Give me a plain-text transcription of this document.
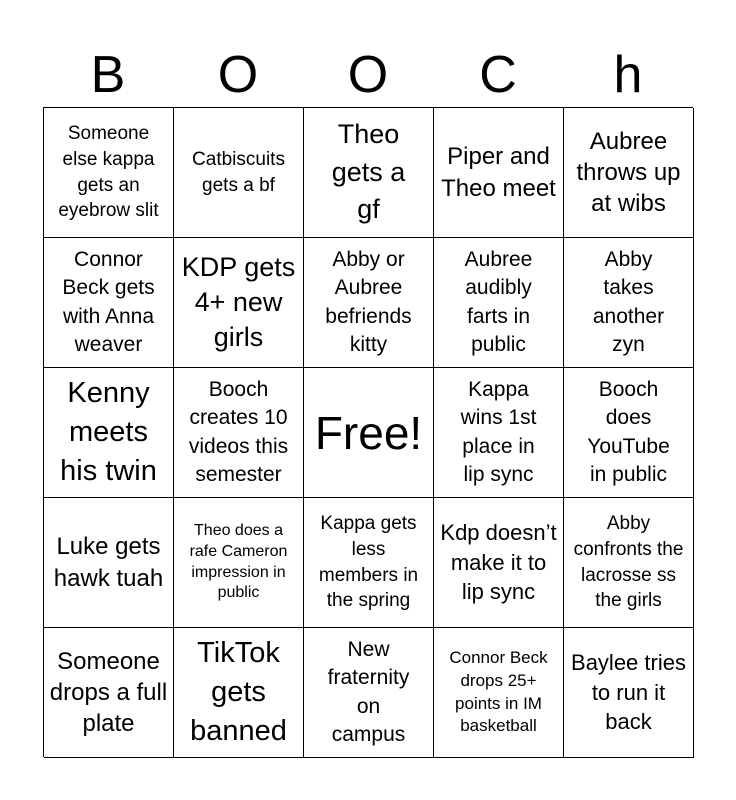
B	O	O	C	h
Someone else kappa gets an eyebrow slit
Catbiscuits gets a bf
Theo gets a gf
Piper and Theo meet
Aubree throws up at wibs
Connor Beck gets with Anna weaver
KDP gets 4+ new girls
Abby or Aubree befriends kitty
Aubree audibly farts in public
Abby takes another zyn
Kenny meets his twin
Booch creates 10 videos this semester
Free!
Kappa wins 1st place in lip sync
Booch does YouTube in public
Luke gets hawk tuah
Theo does a rafe Cameron impression in public
Kappa gets less members in the spring
Kdp doesn’t make it to lip sync
Abby confronts the lacrosse ss the girls
Someone drops a full plate
TikTok gets banned
New fraternity on campus
Connor Beck drops 25+ points in IM basketball
Baylee tries to run it back
